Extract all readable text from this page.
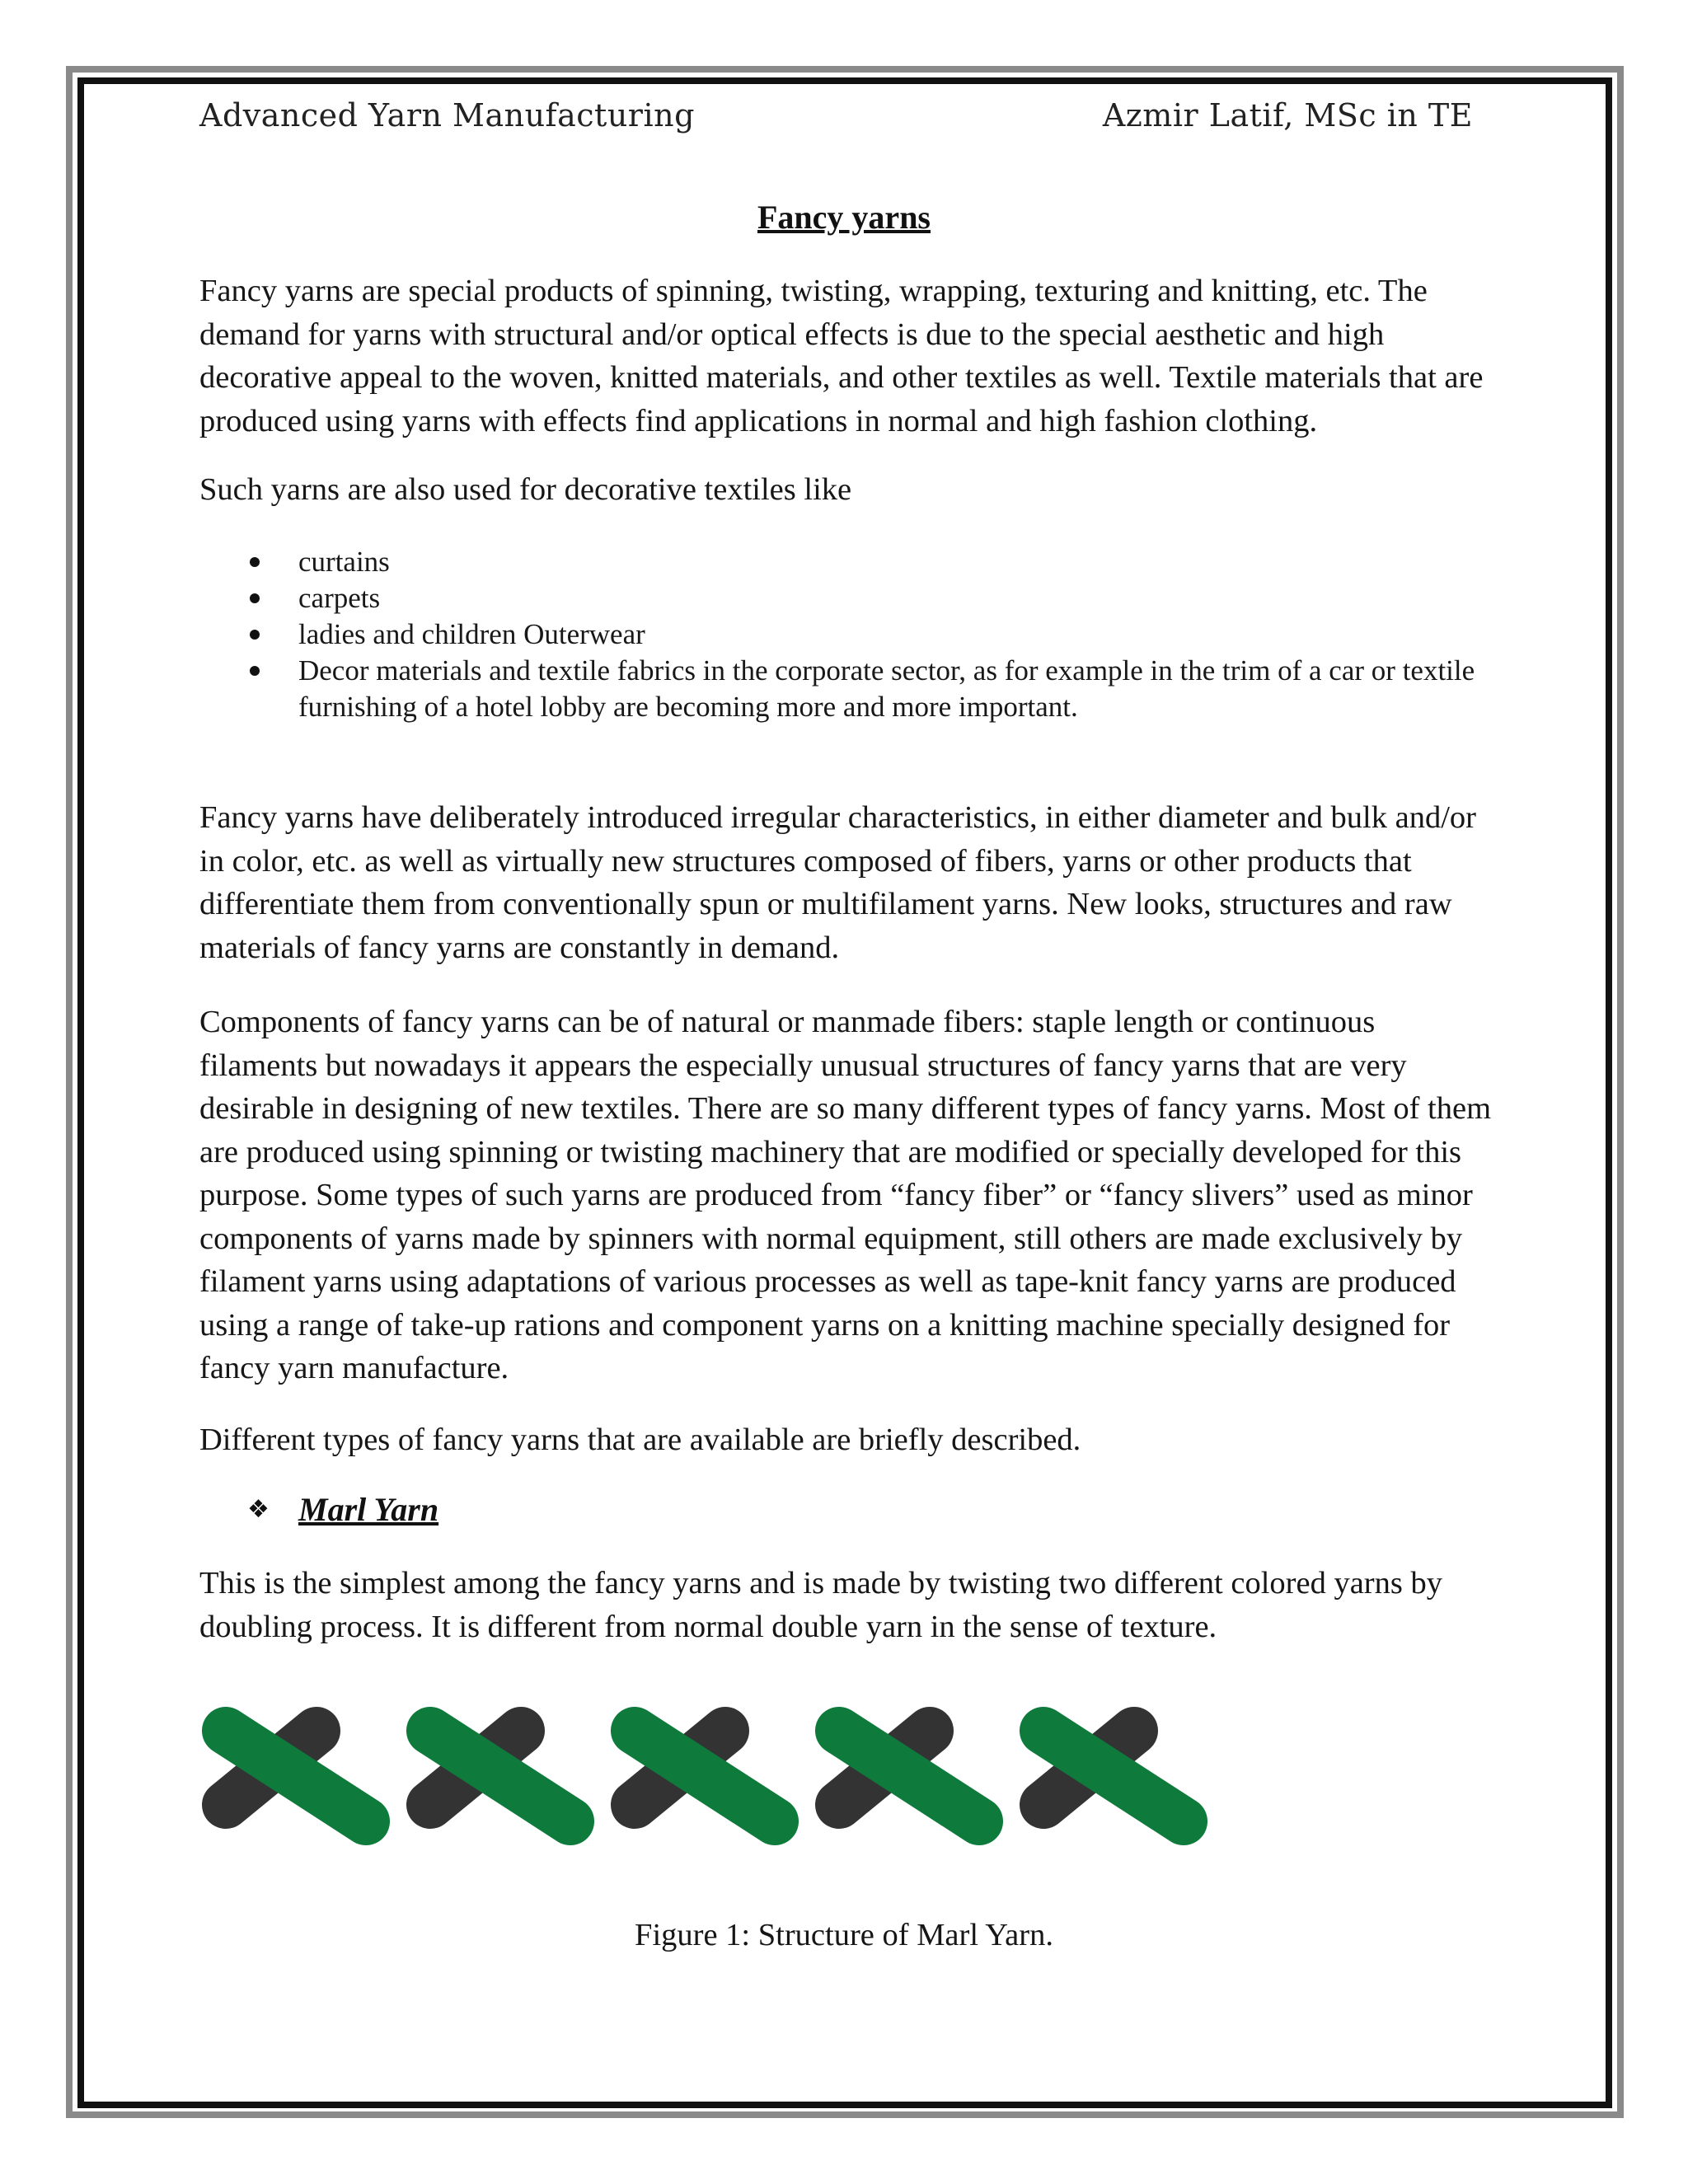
Advanced Yarn Manufacturing	Azmir Latif, MSc in TE
Fancy yarns

Fancy yarns are special products of spinning, twisting, wrapping, texturing and knitting, etc. The demand for yarns with structural and/or optical effects is due to the special aesthetic and high decorative appeal to the woven, knitted materials, and other textiles as well. Textile materials that are produced using yarns with effects find applications in normal and high fashion clothing.

Such yarns are also used for decorative textiles like

curtains
carpets
ladies and children Outerwear
Decor materials and textile fabrics in the corporate sector, as for example in the trim of a car or textile furnishing of a hotel lobby are becoming more and more important.

Fancy yarns have deliberately introduced irregular characteristics, in either diameter and bulk and/or in color, etc. as well as virtually new structures composed of fibers, yarns or other products that differentiate them from conventionally spun or multifilament yarns. New looks, structures and raw materials of fancy yarns are constantly in demand.

Components of fancy yarns can be of natural or manmade fibers: staple length or continuous filaments but nowadays it appears the especially unusual structures of fancy yarns that are very desirable in designing of new textiles. There are so many different types of fancy yarns. Most of them are produced using spinning or twisting machinery that are modified or specially developed for this purpose. Some types of such yarns are produced from “fancy fiber” or “fancy slivers” used as minor components of yarns made by spinners with normal equipment, still others are made exclusively by filament yarns using adaptations of various processes as well as tape-knit fancy yarns are produced using a range of take-up rations and component yarns on a knitting machine specially designed for fancy yarn manufacture.

Different types of fancy yarns that are available are briefly described.

❖ Marl Yarn

This is the simplest among the fancy yarns and is made by twisting two different colored yarns by doubling process. It is different from normal double yarn in the sense of texture.

Figure 1: Structure of Marl Yarn.
